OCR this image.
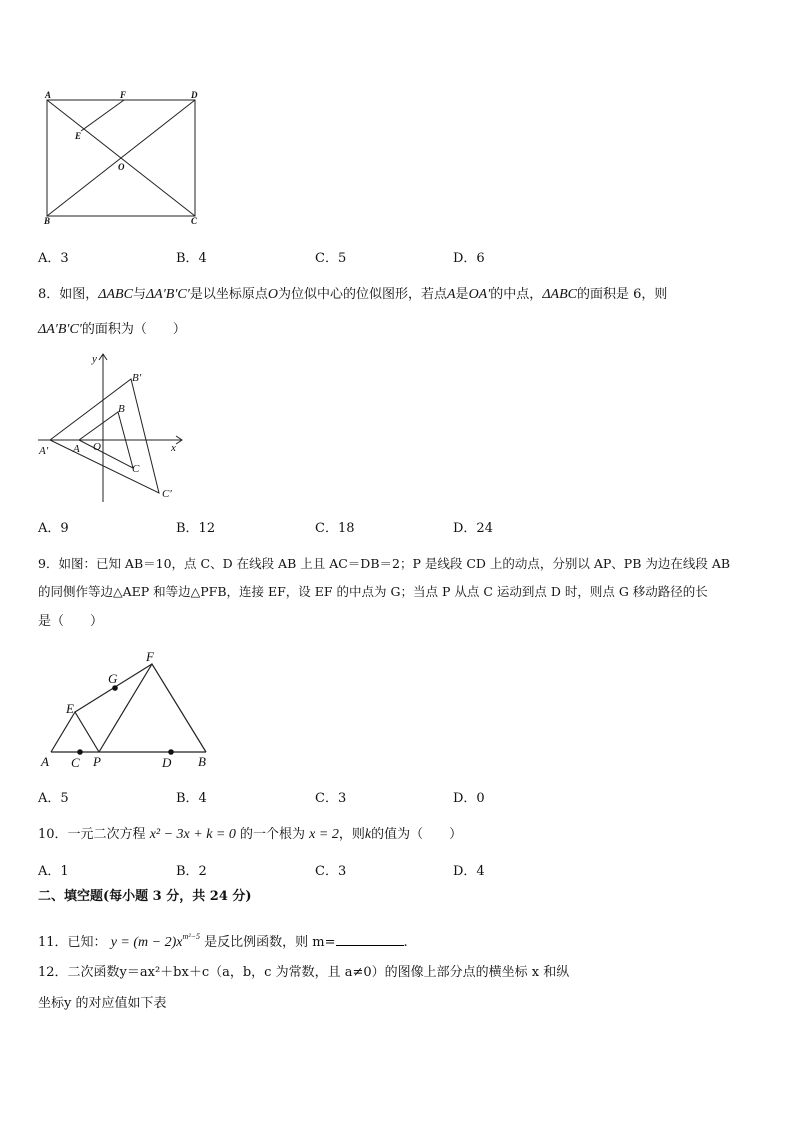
A	F	D
E
O
B	C
A．3	B．4	C．5	D．6
8．如图，ΔABC与ΔA′B′C′是以坐标原点O为位似中心的位似图形，若点A是OA′的中点，ΔABC的面积是 6，则
ΔA′B′C′的面积为（　　）
y
x
B′
B
A′ A O
C
C′
A．9	B．12	C．18	D．24
9．如图：已知 AB＝10，点 C、D 在线段 AB 上且 AC＝DB＝2；P 是线段 CD 上的动点，分别以 AP、PB 为边在线段 AB
的同侧作等边△AEP 和等边△PFB，连接 EF，设 EF 的中点为 G；当点 P 从点 C 运动到点 D 时，则点 G 移动路径的长
是（　　）
F
G
E
A C P	D B
A．5	B．4	C．3	D．0
10．一元二次方程 x² − 3x + k = 0 的一个根为 x = 2，则k的值为（　　）
A．1	B．2	C．3	D．4
二、填空题(每小题 3 分，共 24 分)
11．已知： $y = (m - 2)x^{m^2-5}$ 是反比例函数，则 m=	.
12．二次函数y＝ax²＋bx＋c（a，b，c 为常数，且 a≠0）的图像上部分点的横坐标 x 和纵
坐标y 的对应值如下表
